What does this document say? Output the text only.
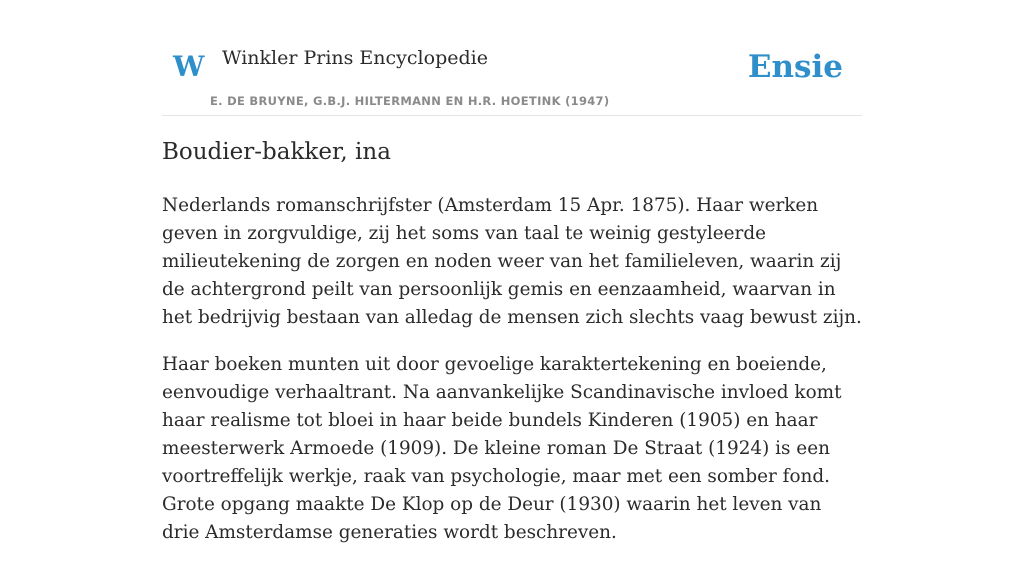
W Winkler Prins Encyclopedie
E. DE BRUYNE, G.B.J. HILTERMANN EN H.R. HOETINK (1947)
Ensie
Boudier-bakker, ina

Nederlands romanschrijfster (Amsterdam 15 Apr. 1875). Haar werken geven in zorgvuldige, zij het soms van taal te weinig gestyleerde milieutekening de zorgen en noden weer van het familieleven, waarin zij de achtergrond peilt van persoonlijk gemis en eenzaamheid, waarvan in het bedrijvig bestaan van alledag de mensen zich slechts vaag bewust zijn.

Haar boeken munten uit door gevoelige karaktertekening en boeiende, eenvoudige verhaaltrant. Na aanvankelijke Scandinavische invloed komt haar realisme tot bloei in haar beide bundels Kinderen (1905) en haar meesterwerk Armoede (1909). De kleine roman De Straat (1924) is een voortreffelijk werkje, raak van psychologie, maar met een somber fond. Grote opgang maakte De Klop op de Deur (1930) waarin het leven van drie Amsterdamse generaties wordt beschreven.
